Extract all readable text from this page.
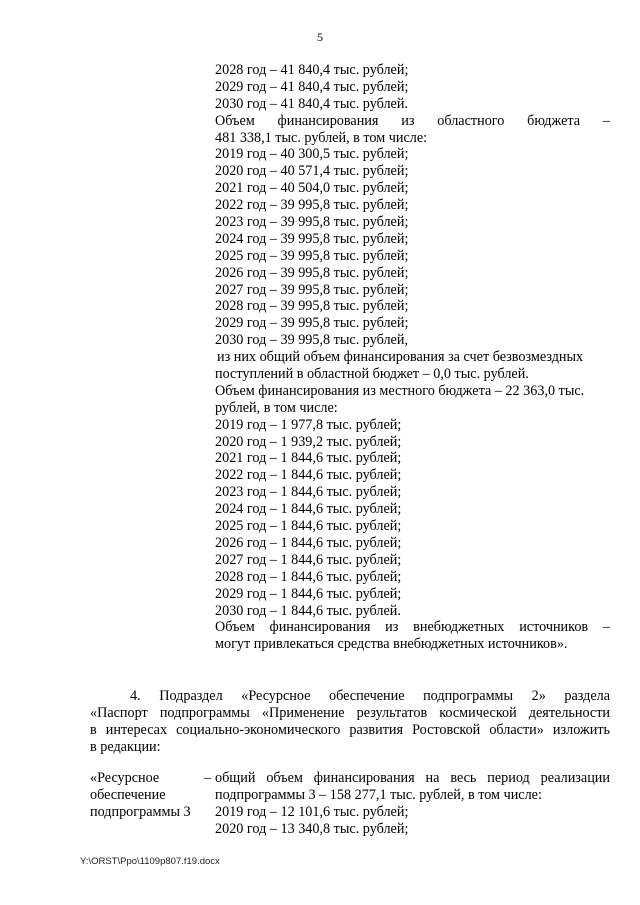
5
2028 год – 41 840,4 тыс. рублей;
2029 год – 41 840,4 тыс. рублей;
2030 год – 41 840,4 тыс. рублей.
Объем финансирования из областного бюджета –
481 338,1 тыс. рублей, в том числе:
2019 год – 40 300,5 тыс. рублей;
2020 год – 40 571,4 тыс. рублей;
2021 год – 40 504,0 тыс. рублей;
2022 год – 39 995,8 тыс. рублей;
2023 год – 39 995,8 тыс. рублей;
2024 год – 39 995,8 тыс. рублей;
2025 год – 39 995,8 тыс. рублей;
2026 год – 39 995,8 тыс. рублей;
2027 год – 39 995,8 тыс. рублей;
2028 год – 39 995,8 тыс. рублей;
2029 год – 39 995,8 тыс. рублей;
2030 год – 39 995,8 тыс. рублей,
из них общий объем финансирования за счет безвозмездных
поступлений в областной бюджет – 0,0 тыс. рублей.
Объем финансирования из местного бюджета – 22 363,0 тыс.
рублей, в том числе:
2019 год – 1 977,8 тыс. рублей;
2020 год – 1 939,2 тыс. рублей;
2021 год – 1 844,6 тыс. рублей;
2022 год – 1 844,6 тыс. рублей;
2023 год – 1 844,6 тыс. рублей;
2024 год – 1 844,6 тыс. рублей;
2025 год – 1 844,6 тыс. рублей;
2026 год – 1 844,6 тыс. рублей;
2027 год – 1 844,6 тыс. рублей;
2028 год – 1 844,6 тыс. рублей;
2029 год – 1 844,6 тыс. рублей;
2030 год – 1 844,6 тыс. рублей.
Объем финансирования из внебюджетных источников –
могут привлекаться средства внебюджетных источников».
4. Подраздел «Ресурсное обеспечение подпрограммы 2» раздела
«Паспорт подпрограммы «Применение результатов космической деятельности
в интересах социально-экономического развития Ростовской области» изложить
в редакции:
«Ресурсное	– общий объем финансирования на весь период реализации
обеспечение	подпрограммы 3 – 158 277,1 тыс. рублей, в том числе:
подпрограммы 3 2019 год – 12 101,6 тыс. рублей;
2020 год – 13 340,8 тыс. рублей;
Y:\ORST\Ppo\1109p807.f19.docx
